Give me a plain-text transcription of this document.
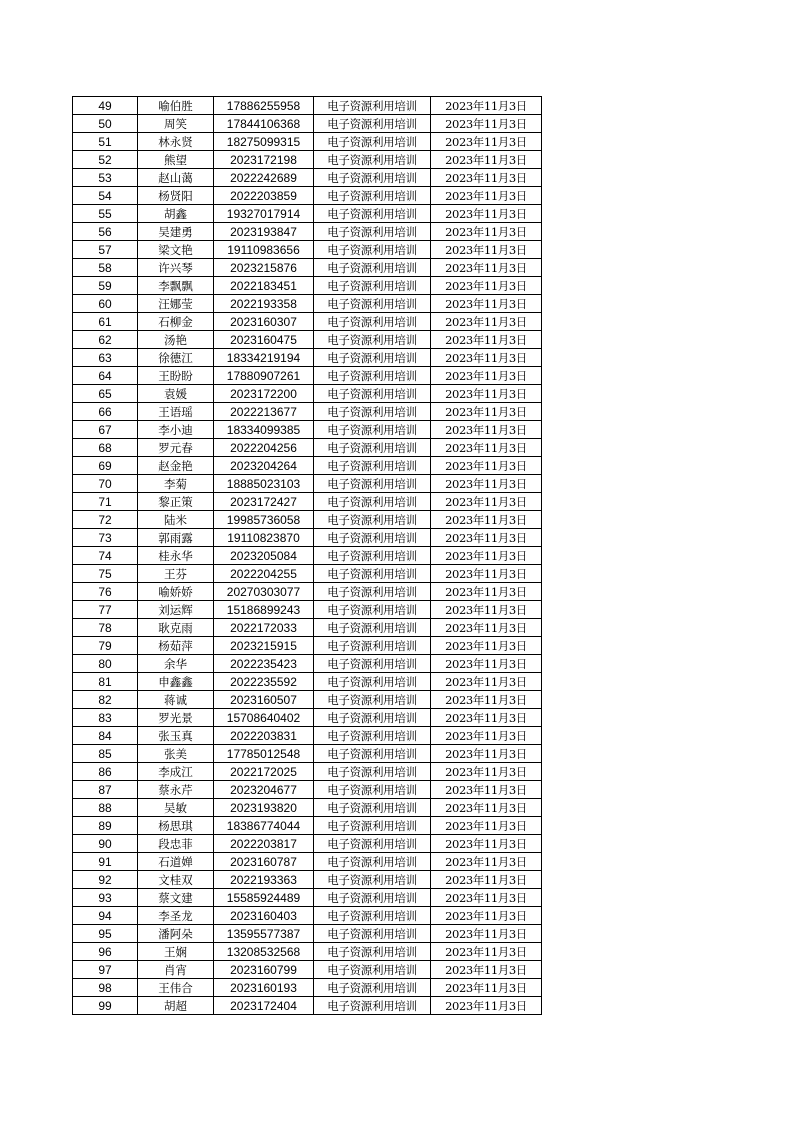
49	喻伯胜	17886255958	电子资源利用培训	2023年11月3日
50	周笑	17844106368	电子资源利用培训	2023年11月3日
51	林永贤	18275099315	电子资源利用培训	2023年11月3日
52	熊望	2023172198	电子资源利用培训	2023年11月3日
53	赵山蔼	2022242689	电子资源利用培训	2023年11月3日
54	杨贤阳	2022203859	电子资源利用培训	2023年11月3日
55	胡鑫	19327017914	电子资源利用培训	2023年11月3日
56	吴建勇	2023193847	电子资源利用培训	2023年11月3日
57	梁文艳	19110983656	电子资源利用培训	2023年11月3日
58	许兴琴	2023215876	电子资源利用培训	2023年11月3日
59	李飘飘	2022183451	电子资源利用培训	2023年11月3日
60	汪娜莹	2022193358	电子资源利用培训	2023年11月3日
61	石柳金	2023160307	电子资源利用培训	2023年11月3日
62	汤艳	2023160475	电子资源利用培训	2023年11月3日
63	徐德江	18334219194	电子资源利用培训	2023年11月3日
64	王盼盼	17880907261	电子资源利用培训	2023年11月3日
65	袁媛	2023172200	电子资源利用培训	2023年11月3日
66	王语瑶	2022213677	电子资源利用培训	2023年11月3日
67	李小迪	18334099385	电子资源利用培训	2023年11月3日
68	罗元春	2022204256	电子资源利用培训	2023年11月3日
69	赵金艳	2023204264	电子资源利用培训	2023年11月3日
70	李菊	18885023103	电子资源利用培训	2023年11月3日
71	黎正策	2023172427	电子资源利用培训	2023年11月3日
72	陆米	19985736058	电子资源利用培训	2023年11月3日
73	郭雨露	19110823870	电子资源利用培训	2023年11月3日
74	桂永华	2023205084	电子资源利用培训	2023年11月3日
75	王芬	2022204255	电子资源利用培训	2023年11月3日
76	喻娇娇	20270303077	电子资源利用培训	2023年11月3日
77	刘运辉	15186899243	电子资源利用培训	2023年11月3日
78	耿克雨	2022172033	电子资源利用培训	2023年11月3日
79	杨茹萍	2023215915	电子资源利用培训	2023年11月3日
80	余华	2022235423	电子资源利用培训	2023年11月3日
81	申鑫鑫	2022235592	电子资源利用培训	2023年11月3日
82	蒋诚	2023160507	电子资源利用培训	2023年11月3日
83	罗光景	15708640402	电子资源利用培训	2023年11月3日
84	张玉真	2022203831	电子资源利用培训	2023年11月3日
85	张美	17785012548	电子资源利用培训	2023年11月3日
86	李成江	2022172025	电子资源利用培训	2023年11月3日
87	蔡永芹	2023204677	电子资源利用培训	2023年11月3日
88	吴敏	2023193820	电子资源利用培训	2023年11月3日
89	杨思琪	18386774044	电子资源利用培训	2023年11月3日
90	段忠菲	2022203817	电子资源利用培训	2023年11月3日
91	石道婵	2023160787	电子资源利用培训	2023年11月3日
92	文桂双	2022193363	电子资源利用培训	2023年11月3日
93	蔡文建	15585924489	电子资源利用培训	2023年11月3日
94	李圣龙	2023160403	电子资源利用培训	2023年11月3日
95	潘阿朵	13595577387	电子资源利用培训	2023年11月3日
96	王娴	13208532568	电子资源利用培训	2023年11月3日
97	肖宵	2023160799	电子资源利用培训	2023年11月3日
98	王伟合	2023160193	电子资源利用培训	2023年11月3日
99	胡超	2023172404	电子资源利用培训	2023年11月3日
